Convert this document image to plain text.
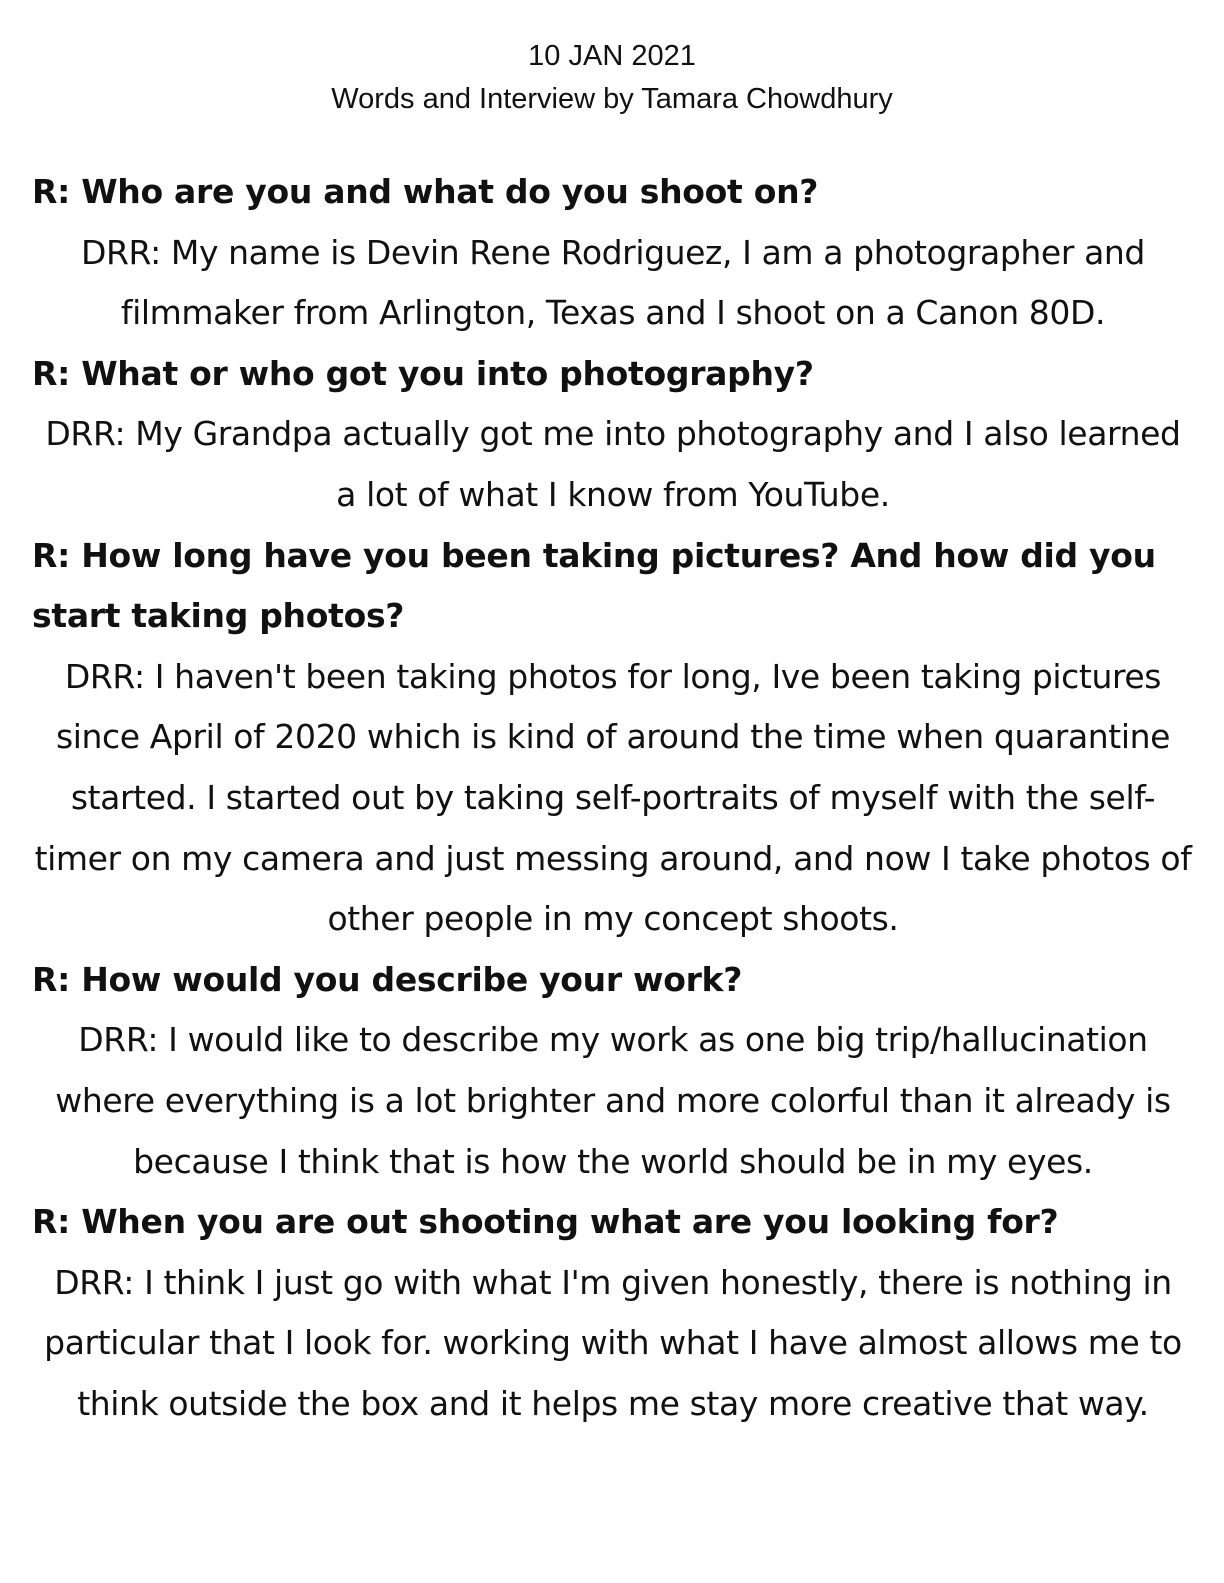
10 JAN 2021
Words and Interview by Tamara Chowdhury

R: Who are you and what do you shoot on?

DRR: My name is Devin Rene Rodriguez, I am a photographer and filmmaker from Arlington, Texas and I shoot on a Canon 80D.

R: What or who got you into photography?

DRR: My Grandpa actually got me into photography and I also learned a lot of what I know from YouTube.

R: How long have you been taking pictures? And how did you start taking photos?

DRR: I haven't been taking photos for long, Ive been taking pictures since April of 2020 which is kind of around the time when quarantine started. I started out by taking self-portraits of myself with the self-timer on my camera and just messing around, and now I take photos of other people in my concept shoots.

R: How would you describe your work?

DRR: I would like to describe my work as one big trip/hallucination where everything is a lot brighter and more colorful than it already is because I think that is how the world should be in my eyes.

R: When you are out shooting what are you looking for?

DRR: I think I just go with what I'm given honestly, there is nothing in particular that I look for. working with what I have almost allows me to think outside the box and it helps me stay more creative that way.
